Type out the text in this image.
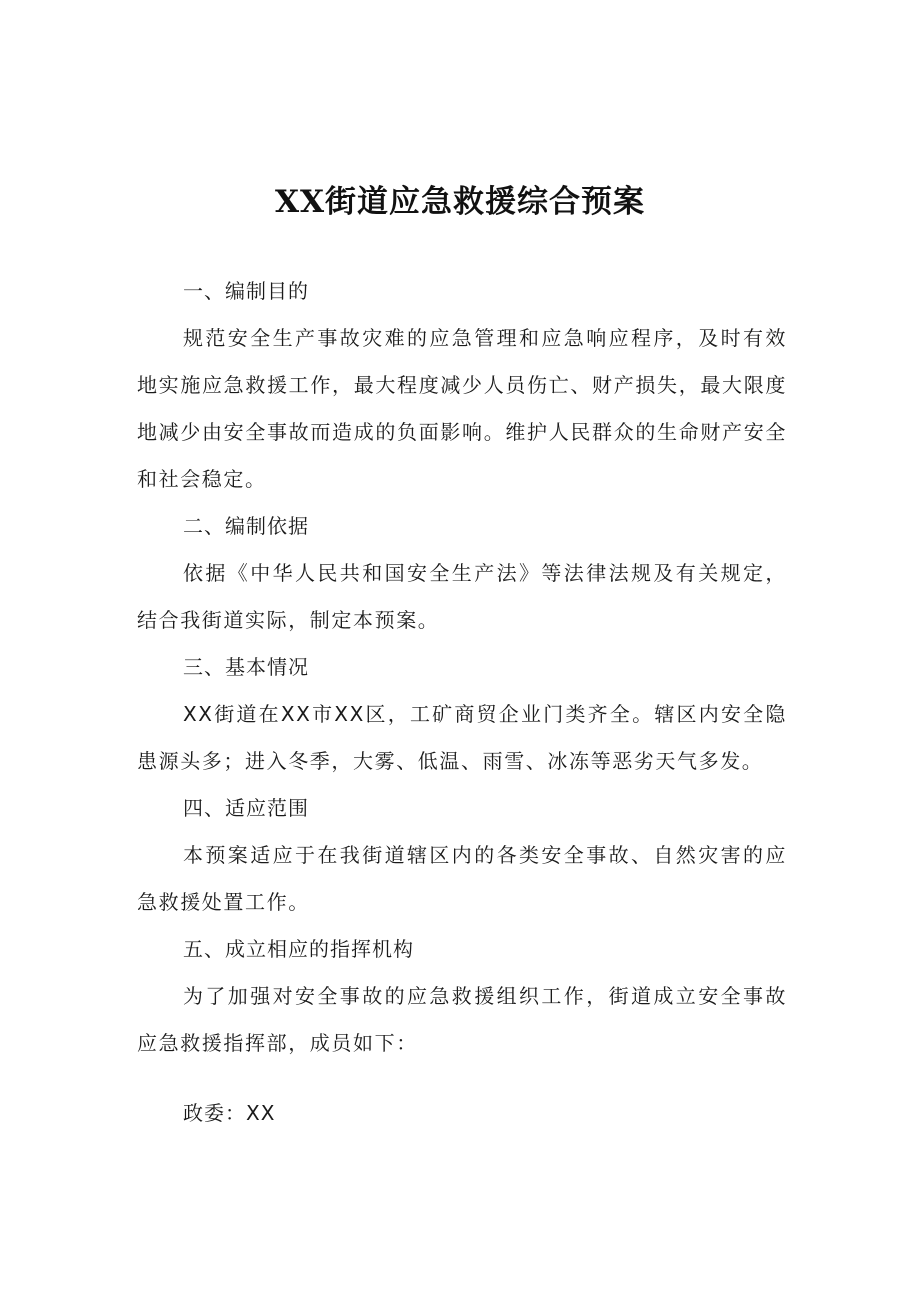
XX街道应急救援综合预案

一、编制目的

规范安全生产事故灾难的应急管理和应急响应程序，及时有效地实施应急救援工作，最大程度减少人员伤亡、财产损失，最大限度地减少由安全事故而造成的负面影响。维护人民群众的生命财产安全和社会稳定。

二、编制依据

依据《中华人民共和国安全生产法》等法律法规及有关规定，结合我街道实际，制定本预案。

三、基本情况

XX街道在XX市XX区，工矿商贸企业门类齐全。辖区内安全隐患源头多；进入冬季，大雾、低温、雨雪、冰冻等恶劣天气多发。

四、适应范围

本预案适应于在我街道辖区内的各类安全事故、自然灾害的应急救援处置工作。

五、成立相应的指挥机构

为了加强对安全事故的应急救援组织工作，街道成立安全事故应急救援指挥部，成员如下：

政委：XX
